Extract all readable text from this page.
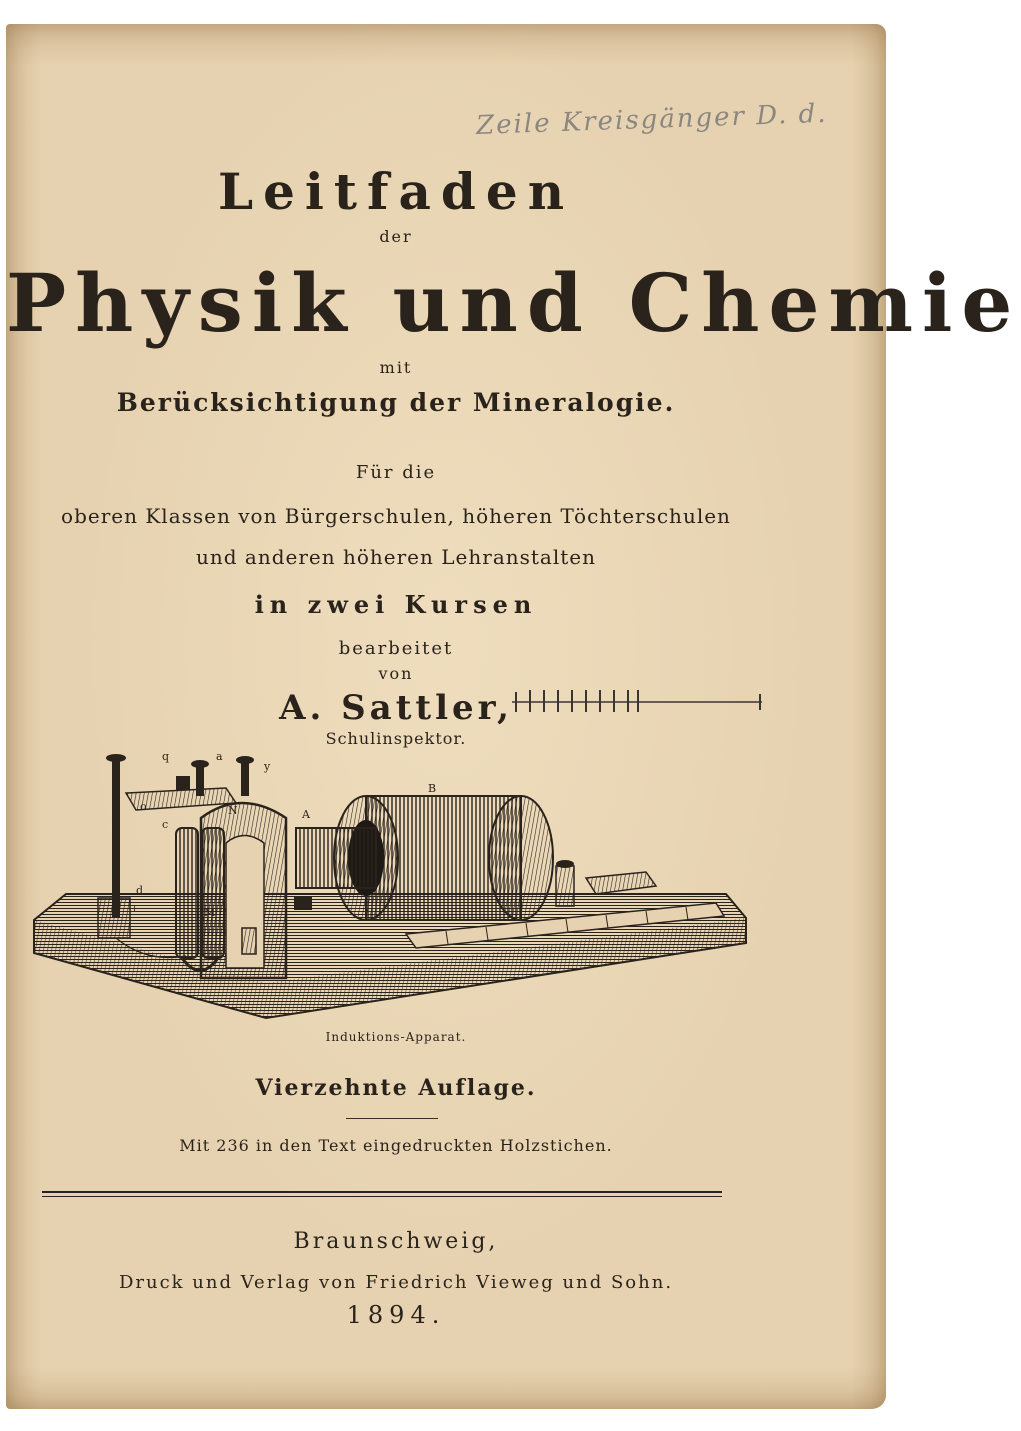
Zeile Kreisgänger D. d.
Leitfaden
der
Physik und Chemie
mit
Berücksichtigung der Mineralogie.
Für die
oberen Klassen von Bürgerschulen, höheren Töchterschulen
und anderen höheren Lehranstalten
in zwei Kursen
bearbeitet
von
A. Sattler,
Schulinspektor.
q	a
y
o
c
N	A
B
d
M
+
Induktions-Apparat.
Vierzehnte Auflage.
Mit 236 in den Text eingedruckten Holzstichen.
Braunschweig,
Druck und Verlag von Friedrich Vieweg und Sohn.
1894.
